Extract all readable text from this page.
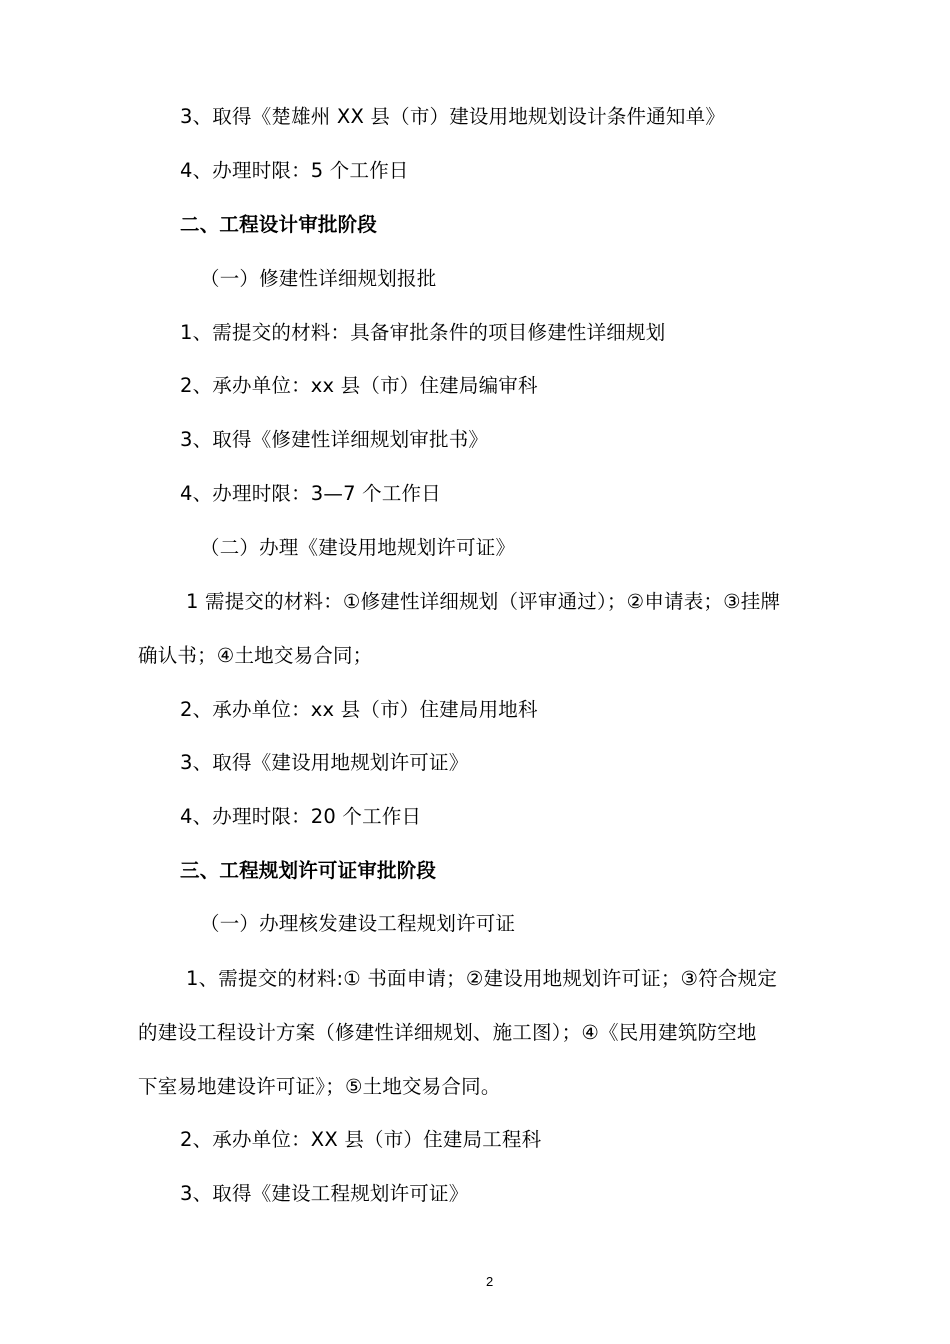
3、取得《楚雄州 XX 县（市）建设用地规划设计条件通知单》
4、办理时限：5 个工作日
二、工程设计审批阶段
（一）修建性详细规划报批
1、需提交的材料：具备审批条件的项目修建性详细规划
2、承办单位：xx 县（市）住建局编审科
3、取得《修建性详细规划审批书》
4、办理时限：3—7 个工作日
（二）办理《建设用地规划许可证》
1 需提交的材料：①修建性详细规划（评审通过）；②申请表；③挂牌
确认书；④土地交易合同；
2、承办单位：xx 县（市）住建局用地科
3、取得《建设用地规划许可证》
4、办理时限：20 个工作日
三、工程规划许可证审批阶段
（一）办理核发建设工程规划许可证
1、需提交的材料:① 书面申请；②建设用地规划许可证；③符合规定
的建设工程设计方案（修建性详细规划、施工图）；④《民用建筑防空地
下室易地建设许可证》；⑤土地交易合同。
2、承办单位：XX 县（市）住建局工程科
3、取得《建设工程规划许可证》
2
